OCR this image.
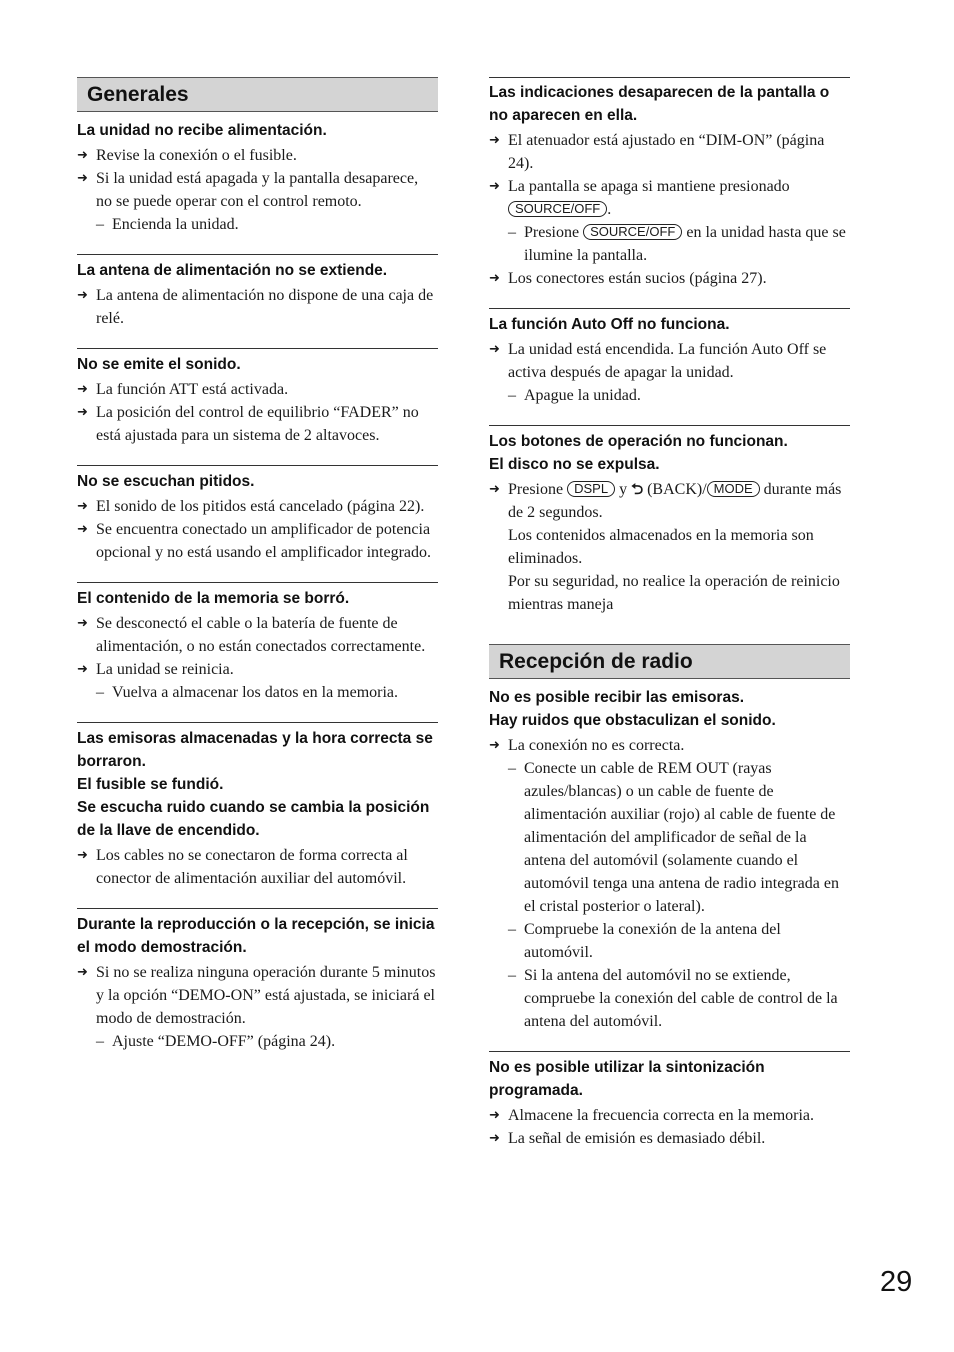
Generales
La unidad no recibe alimentación.
➜ Revise la conexión o el fusible.
➜ Si la unidad está apagada y la pantalla desaparece, no se puede operar con el control remoto.
– Encienda la unidad.
La antena de alimentación no se extiende.
➜ La antena de alimentación no dispone de una caja de relé.
No se emite el sonido.
➜ La función ATT está activada.
➜ La posición del control de equilibrio “FADER” no está ajustada para un sistema de 2 altavoces.
No se escuchan pitidos.
➜ El sonido de los pitidos está cancelado (página 22).
➜ Se encuentra conectado un amplificador de potencia opcional y no está usando el amplificador integrado.
El contenido de la memoria se borró.
➜ Se desconectó el cable o la batería de fuente de alimentación, o no están conectados correctamente.
➜ La unidad se reinicia.
– Vuelva a almacenar los datos en la memoria.
Las emisoras almacenadas y la hora correcta se borraron.
El fusible se fundió.
Se escucha ruido cuando se cambia la posición de la llave de encendido.
➜ Los cables no se conectaron de forma correcta al conector de alimentación auxiliar del automóvil.
Durante la reproducción o la recepción, se inicia el modo demostración.
➜ Si no se realiza ninguna operación durante 5 minutos y la opción “DEMO-ON” está ajustada, se iniciará el modo de demostración.
– Ajuste “DEMO-OFF” (página 24).
Las indicaciones desaparecen de la pantalla o no aparecen en ella.
➜ El atenuador está ajustado en “DIM-ON” (página 24).
➜ La pantalla se apaga si mantiene presionado SOURCE/OFF .
– Presione SOURCE/OFF en la unidad hasta que se ilumine la pantalla.
➜ Los conectores están sucios (página 27).
La función Auto Off no funciona.
➜ La unidad está encendida. La función Auto Off se activa después de apagar la unidad.
– Apague la unidad.
Los botones de operación no funcionan.
El disco no se expulsa.
➜ Presione DSPL y ⮌ (BACK)/ MODE durante más de 2 segundos.
Los contenidos almacenados en la memoria son eliminados.
Por su seguridad, no realice la operación de reinicio mientras maneja
Recepción de radio
No es posible recibir las emisoras.
Hay ruidos que obstaculizan el sonido.
➜ La conexión no es correcta.
– Conecte un cable de REM OUT (rayas azules/blancas) o un cable de fuente de alimentación auxiliar (rojo) al cable de fuente de alimentación del amplificador de señal de la antena del automóvil (solamente cuando el automóvil tenga una antena de radio integrada en el cristal posterior o lateral).
– Compruebe la conexión de la antena del automóvil.
– Si la antena del automóvil no se extiende, compruebe la conexión del cable de control de la antena del automóvil.
No es posible utilizar la sintonización programada.
➜ Almacene la frecuencia correcta en la memoria.
➜ La señal de emisión es demasiado débil.
29
